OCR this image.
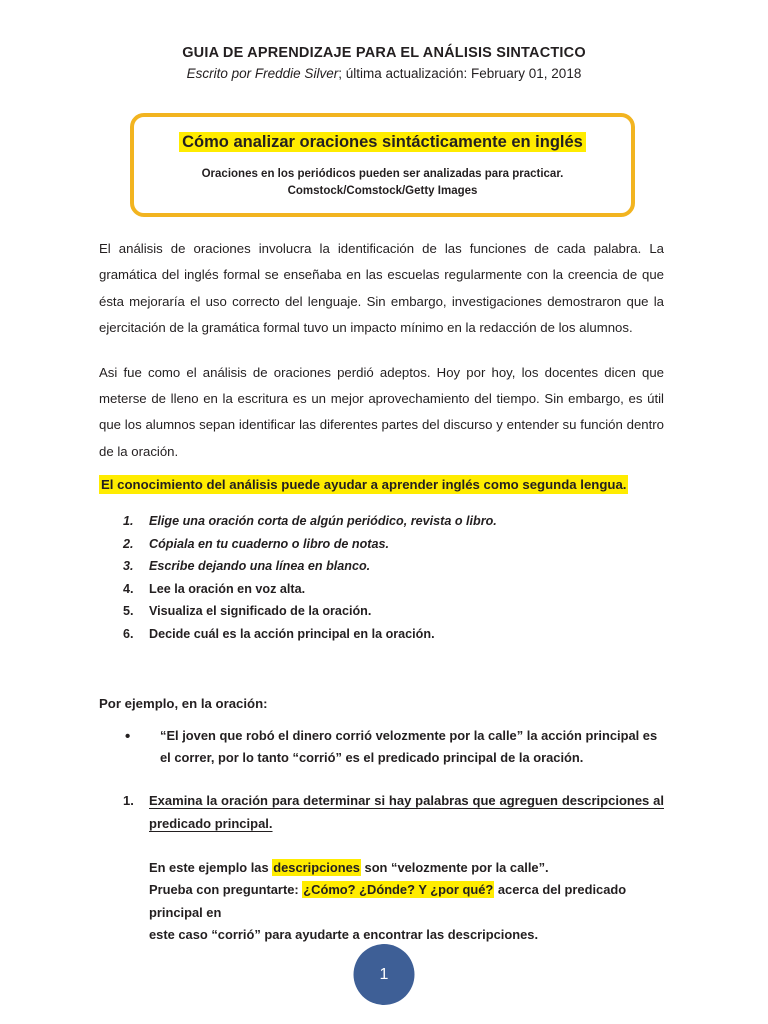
GUIA DE APRENDIZAJE PARA EL ANÁLISIS SINTACTICO
Escrito por Freddie Silver; última actualización: February 01, 2018
Cómo analizar oraciones sintácticamente en inglés
Oraciones en los periódicos pueden ser analizadas para practicar.
Comstock/Comstock/Getty Images

El análisis de oraciones involucra la identificación de las funciones de cada palabra. La gramática del inglés formal se enseñaba en las escuelas regularmente con la creencia de que ésta mejoraría el uso correcto del lenguaje. Sin embargo, investigaciones demostraron que la ejercitación de la gramática formal tuvo un impacto mínimo en la redacción de los alumnos.

Asi fue como el análisis de oraciones perdió adeptos. Hoy por hoy, los docentes dicen que meterse de lleno en la escritura es un mejor aprovechamiento del tiempo. Sin embargo, es útil que los alumnos sepan identificar las diferentes partes del discurso y entender su función dentro de la oración.

El conocimiento del análisis puede ayudar a aprender inglés como segunda lengua.

Elige una oración corta de algún periódico, revista o libro.
Cópiala en tu cuaderno o libro de notas.
Escribe dejando una línea en blanco.
Lee la oración en voz alta.
Visualiza el significado de la oración.
Decide cuál es la acción principal en la oración.

Por ejemplo, en la oración:

• “El joven que robó el dinero corrió velozmente por la calle” la acción principal es el correr, por lo tanto “corrió” es el predicado principal de la oración.
Examina la oración para determinar si hay palabras que agreguen descripciones al predicado principal.
En este ejemplo las descripciones son “velozmente por la calle”.
Prueba con preguntarte: ¿Cómo? ¿Dónde? Y ¿por qué? acerca del predicado principal en
este caso “corrió” para ayudarte a encontrar las descripciones.
1
